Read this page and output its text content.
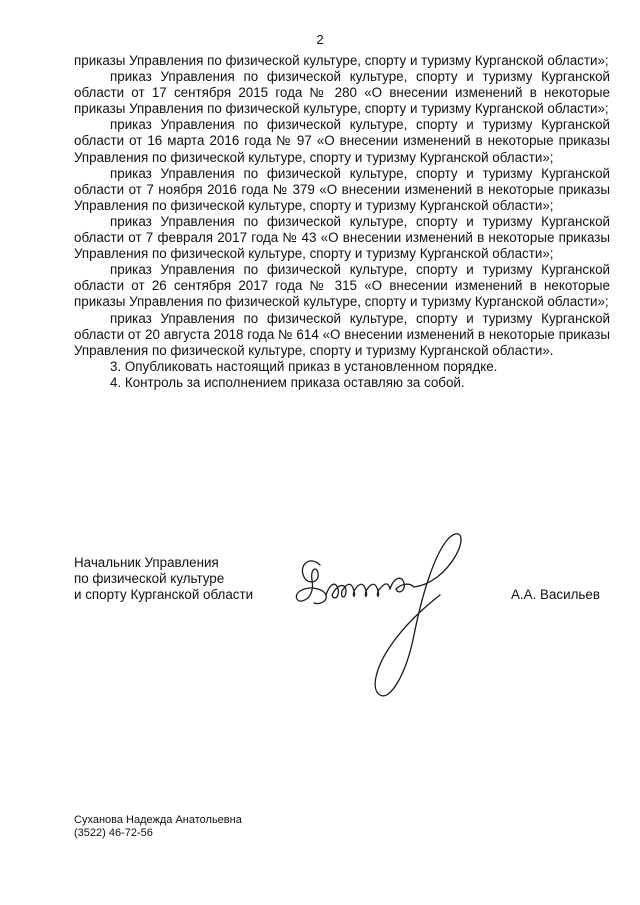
2

приказы Управления по физической культуре, спорту и туризму Курганской области»;

приказ Управления по физической культуре, спорту и туризму Курганской области от 17 сентября 2015 года № 280 «О внесении изменений в некоторые приказы Управления по физической культуре, спорту и туризму Курганской области»;

приказ Управления по физической культуре, спорту и туризму Курганской области от 16 марта 2016 года № 97 «О внесении изменений в некоторые приказы Управления по физической культуре, спорту и туризму Курганской области»;

приказ Управления по физической культуре, спорту и туризму Курганской области от 7 ноября 2016 года № 379 «О внесении изменений в некоторые приказы Управления по физической культуре, спорту и туризму Курганской области»;

приказ Управления по физической культуре, спорту и туризму Курганской области от 7 февраля 2017 года № 43 «О внесении изменений в некоторые приказы Управления по физической культуре, спорту и туризму Курганской области»;

приказ Управления по физической культуре, спорту и туризму Курганской области от 26 сентября 2017 года № 315 «О внесении изменений в некоторые приказы Управления по физической культуре, спорту и туризму Курганской области»;

приказ Управления по физической культуре, спорту и туризму Курганской области от 20 августа 2018 года № 614 «О внесении изменений в некоторые приказы Управления по физической культуре, спорту и туризму Курганской области».

3. Опубликовать настоящий приказ в установленном порядке.

4. Контроль за исполнением приказа оставляю за собой.

Начальник Управления
по физической культуре
и спорту Курганской области	А.А. Васильев
Суханова Надежда Анатольевна
(3522) 46-72-56
